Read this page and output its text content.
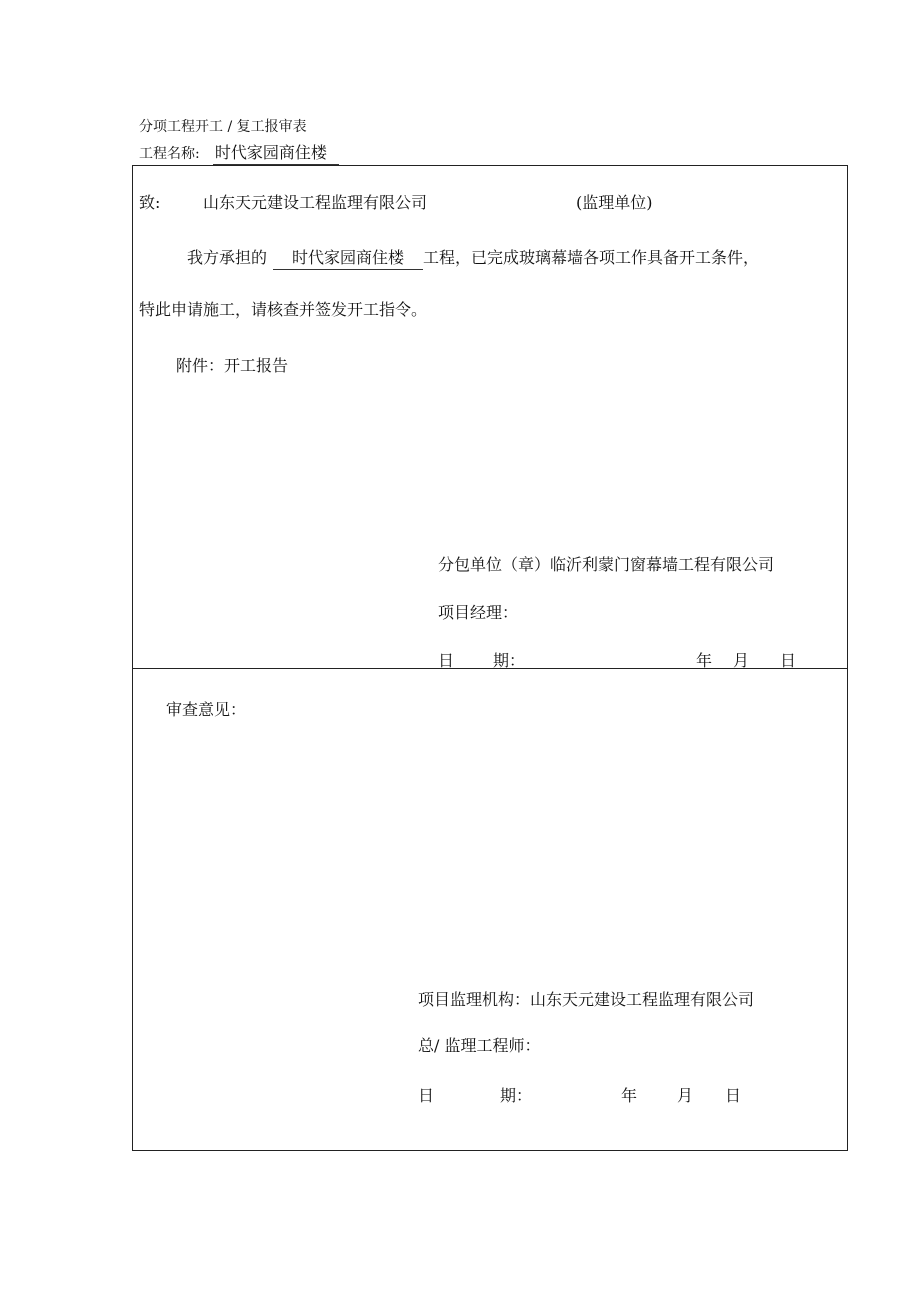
分项工程开工 / 复工报审表
工程名称: 时代家园商住楼
致:	山东天元建设工程监理有限公司	(监理单位)
我方承担的 时代家园商住楼 工程，已完成玻璃幕墙各项工作具备开工条件，
特此申请施工，请核查并签发开工指令。
附件：开工报告
分包单位（章）临沂利蒙门窗幕墙工程有限公司
项目经理：
日 期：	年 月 日
审查意见：
项目监理机构：山东天元建设工程监理有限公司
总/ 监理工程师：
日	期：	年 月 日
